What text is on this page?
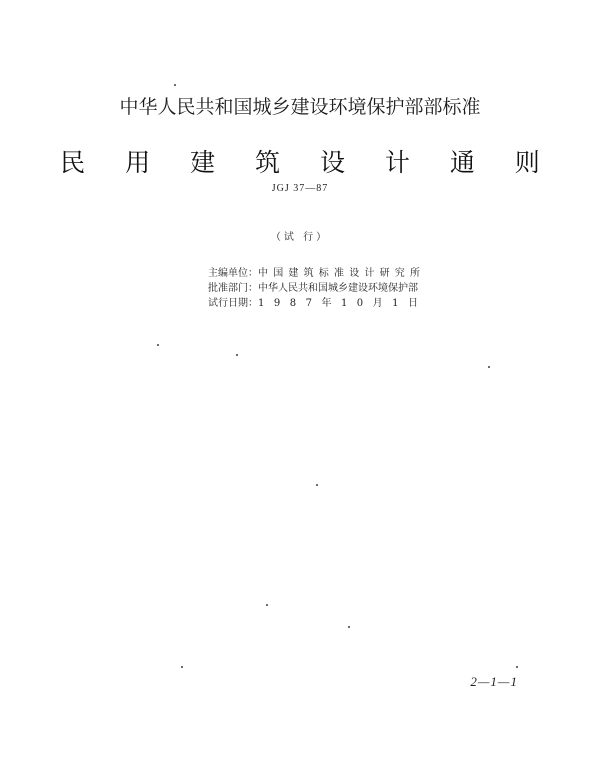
中华人民共和国城乡建设环境保护部部标准
民 用 建 筑 设 计 通 则
JGJ 37—87
（试 行）
主编单位：中国建筑标准设计研究所
批准部门：中华人民共和国城乡建设环境保护部
试行日期：1987年10月1日
2—1—1
